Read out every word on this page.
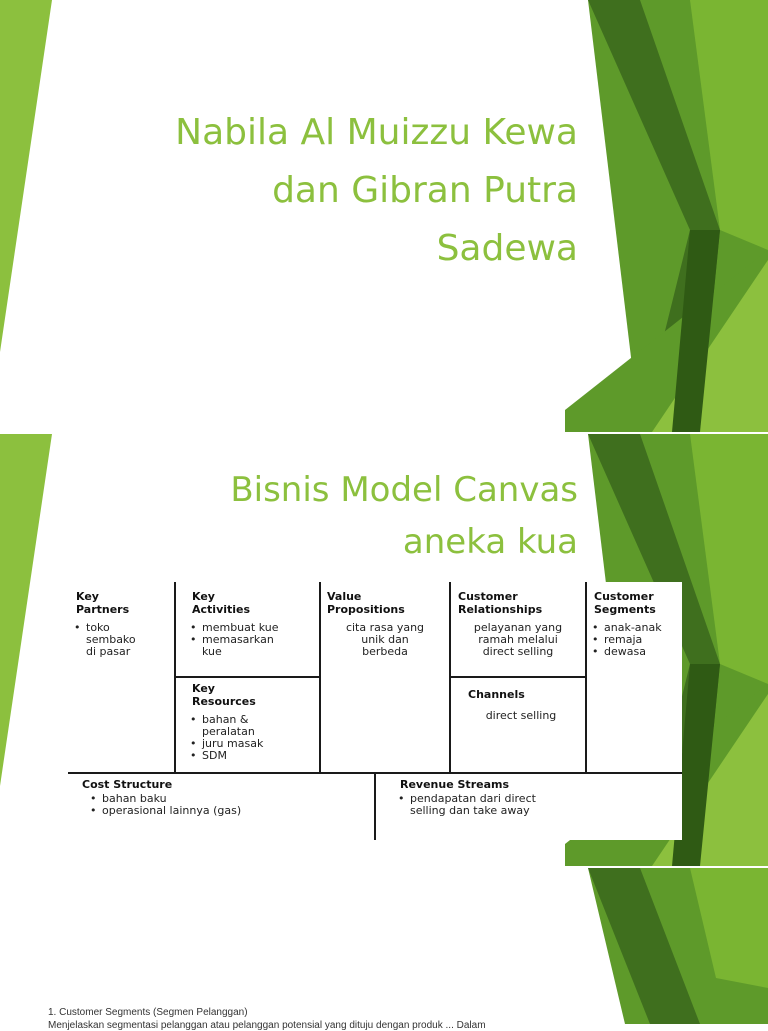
Nabila Al Muizzu Kewa
dan Gibran Putra
Sadewa
Bisnis Model Canvas
aneka kua
Key
Partners
• toko
sembako
di pasar
Key
Activities
• membuat kue
• memasarkan
kue
Key
Resources
• bahan &
peralatan
• juru masak
• SDM
Value
Propositions
cita rasa yang
unik dan
berbeda
Customer
Relationships
pelayanan yang
ramah melalui
direct selling
Channels
direct selling
Customer
Segments
• anak-anak
• remaja
• dewasa
Cost Structure
• bahan baku
• operasional lainnya (gas)
Revenue Streams
• pendapatan dari direct
selling dan take away
1. Customer Segments (Segmen Pelanggan)
Menjelaskan segmentasi pelanggan atau pelanggan potensial yang dituju dengan produk ... Dalam
